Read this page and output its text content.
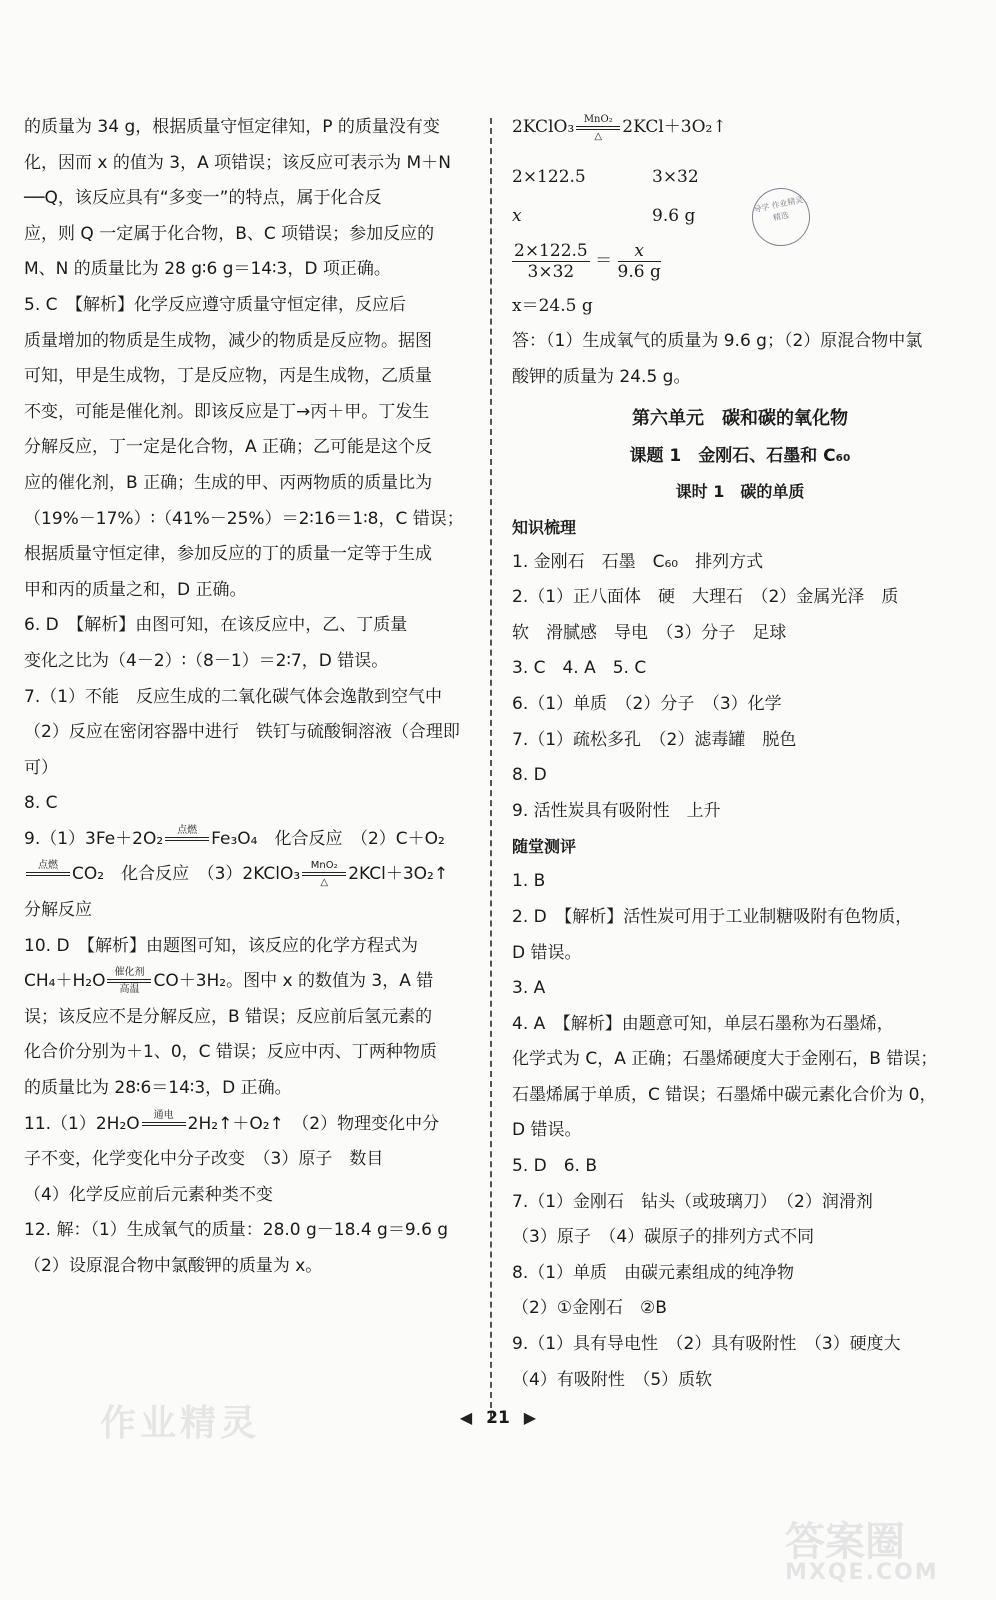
的质量为 34 g，根据质量守恒定律知，P 的质量没有变
化，因而 x 的值为 3，A 项错误；该反应可表示为 M＋N
──Q，该反应具有“多变一”的特点，属于化合反
应，则 Q 一定属于化合物，B、C 项错误；参加反应的
M、N 的质量比为 28 g∶6 g＝14∶3，D 项正确。
5. C　【解析】化学反应遵守质量守恒定律，反应后
质量增加的物质是生成物，减少的物质是反应物。据图
可知，甲是生成物，丁是反应物，丙是生成物，乙质量
不变，可能是催化剂。即该反应是丁→丙＋甲。丁发生
分解反应，丁一定是化合物，A 正确；乙可能是这个反
应的催化剂，B 正确；生成的甲、丙两物质的质量比为
（19%－17%）∶（41%－25%）＝2∶16＝1∶8，C 错误；
根据质量守恒定律，参加反应的丁的质量一定等于生成
甲和丙的质量之和，D 正确。
6. D　【解析】由图可知，在该反应中，乙、丁质量
变化之比为（4－2）∶（8－1）＝2∶7，D 错误。
7.（1）不能　反应生成的二氧化碳气体会逸散到空气中
（2）反应在密闭容器中进行　铁钉与硫酸铜溶液（合理即
可）
8. C
9.（1）3Fe＋2O₂ 点燃 Fe₃O₄　化合反应　（2）C＋O₂
点燃 CO₂　化合反应　（3）2KClO₃ MnO₂
△ 2KCl＋3O₂↑
分解反应
10. D　【解析】由题图可知，该反应的化学方程式为
CH₄＋H₂O 催化剂
高温 CO＋3H₂。图中 x 的数值为 3，A 错
误；该反应不是分解反应，B 错误；反应前后氢元素的
化合价分别为＋1、0，C 错误；反应中丙、丁两种物质
的质量比为 28∶6＝14∶3，D 正确。
11.（1）2H₂O 通电 2H₂↑＋O₂↑　（2）物理变化中分
子不变，化学变化中分子改变　（3）原子　数目
（4）化学反应前后元素种类不变
12. 解：（1）生成氧气的质量：28.0 g－18.4 g＝9.6 g
（2）设原混合物中氯酸钾的质量为 x。
2KClO₃ MnO₂
△ 2KCl＋3O₂↑
2×122.5	3×32
x	9.6 g
$\frac{2\times 122.5}{3\times 32} = \frac{x}{9.6 g}$
x＝24.5 g
答：（1）生成氧气的质量为 9.6 g；（2）原混合物中氯
酸钾的质量为 24.5 g。
第六单元　碳和碳的氧化物
课题 1　金刚石、石墨和 C₆₀
课时 1　碳的单质
知识梳理
1. 金刚石　石墨　C₆₀　排列方式
2.（1）正八面体　硬　大理石　（2）金属光泽　质
软　滑腻感　导电　（3）分子　足球
3. C　4. A　5. C
6.（1）单质　（2）分子　（3）化学
7.（1）疏松多孔　（2）滤毒罐　脱色
8. D
9. 活性炭具有吸附性　上升
随堂测评
1. B
2. D　【解析】活性炭可用于工业制糖吸附有色物质，
D 错误。
3. A
4. A　【解析】由题意可知，单层石墨称为石墨烯，
化学式为 C，A 正确；石墨烯硬度大于金刚石，B 错误；
石墨烯属于单质，C 错误；石墨烯中碳元素化合价为 0，
D 错误。
5. D　6. B
7.（1）金刚石　钻头（或玻璃刀）　（2）润滑剂
（3）原子　（4）碳原子的排列方式不同
8.（1）单质　由碳元素组成的纯净物
（2）①金刚石　②B
9.（1）具有导电性　（2）具有吸附性　（3）硬度大
（4）有吸附性　（5）质软
导学 作业精灵 精选
◀ 21 ▶
作业精灵
答案圈
MXQE.COM
